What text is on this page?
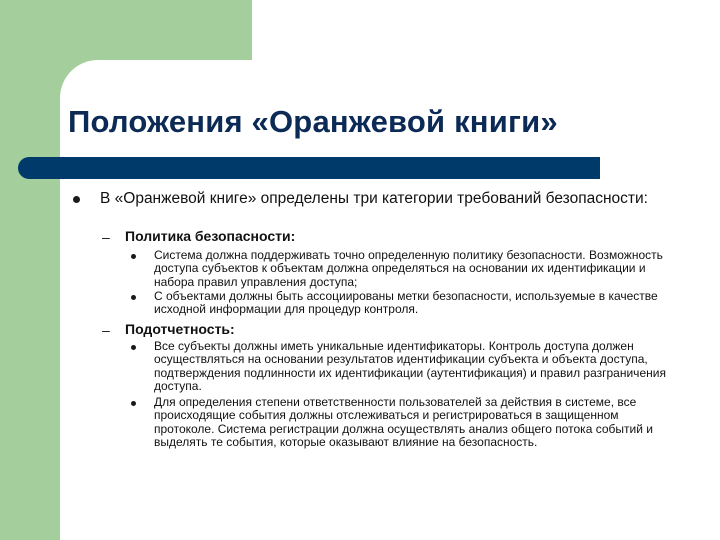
Положения «Оранжевой книги»
В «Оранжевой книге» определены три категории требований безопасности:
– Политика безопасности:
Система должна поддерживать точно определенную политику безопасности. Возможность доступа субъектов к объектам должна определяться на основании их идентификации и набора правил управления доступа;
С объектами должны быть ассоциированы метки безопасности, используемые в качестве исходной информации для процедур контроля.
– Подотчетность:
Все субъекты должны иметь уникальные идентификаторы. Контроль доступа должен осуществляться на основании результатов идентификации субъекта и объекта доступа, подтверждения подлинности их идентификации (аутентификация) и правил разграничения доступа.
Для определения степени ответственности пользователей за действия в системе, все происходящие события должны отслеживаться и регистрироваться в защищенном протоколе. Система регистрации должна осуществлять анализ общего потока событий и выделять те события, которые оказывают влияние на безопасность.
